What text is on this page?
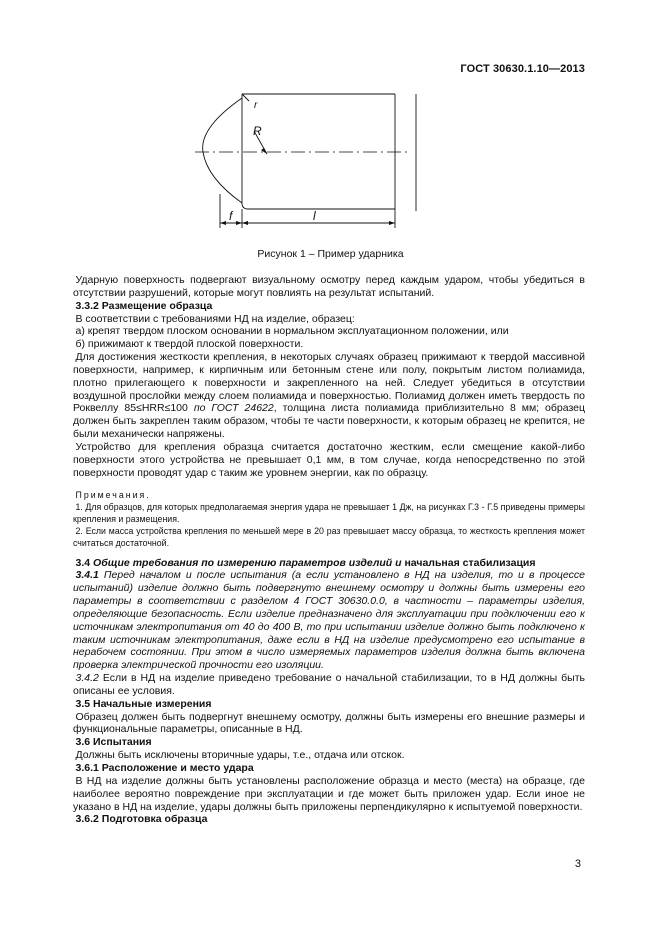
ГОСТ 30630.1.10—2013
r
R
f	l
Рисунок 1 – Пример ударника

Ударную поверхность подвергают визуальному осмотру перед каждым ударом, чтобы убедиться в отсутствии разрушений, которые могут повлиять на результат испытаний.

3.3.2 Размещение образца

В соответствии с требованиями НД на изделие, образец:

а) крепят твердом плоском основании в нормальном эксплуатационном положении, или

б) прижимают к твердой плоской поверхности.

Для достижения жесткости крепления, в некоторых случаях образец прижимают к твердой массивной поверхности, например, к кирпичным или бетонным стене или полу, покрытым листом полиамида, плотно прилегающего к поверхности и закрепленного на ней. Следует убедиться в отсутствии воздушной прослойки между слоем полиамида и поверхностью. Полиамид должен иметь твердость по Роквеллу 85≤HRR≤100 по ГОСТ 24622, толщина листа полиамида приблизительно 8 мм; образец должен быть закреплен таким образом, чтобы те части поверхности, к которым образец не крепится, не были механически напряжены.

Устройство для крепления образца считается достаточно жестким, если смещение какой-либо поверхности этого устройства не превышает 0,1 мм, в том случае, когда непосредственно по этой поверхности проводят удар с таким же уровнем энергии, как по образцу.

Примечания.

1. Для образцов, для которых предполагаемая энергия удара не превышает 1 Дж, на рисунках Г.3 - Г.5 приведены примеры крепления и размещения.

2. Если масса устройства крепления по меньшей мере в 20 раз превышает массу образца, то жесткость крепления может считаться достаточной.

3.4 Общие требования по измерению параметров изделий и начальная стабилизация

3.4.1 Перед началом и после испытания (а если установлено в НД на изделия, то и в процессе испытаний) изделие должно быть подвергнуто внешнему осмотру и должны быть измерены его параметры в соответствии с разделом 4 ГОСТ 30630.0.0, в частности – параметры изделия, определяющие безопасность. Если изделие предназначено для эксплуатации при подключении его к источникам электропитания от 40 до 400 В, то при испытании изделие должно быть подключено к таким источникам электропитания, даже если в НД на изделие предусмотрено его испытание в нерабочем состоянии. При этом в число измеряемых параметров изделия должна быть включена проверка электрической прочности его изоляции.

3.4.2 Если в НД на изделие приведено требование о начальной стабилизации, то в НД должны быть описаны ее условия.

3.5 Начальные измерения

Образец должен быть подвергнут внешнему осмотру, должны быть измерены его внешние размеры и функциональные параметры, описанные в НД.

3.6 Испытания

Должны быть исключены вторичные удары, т.е., отдача или отскок.

3.6.1 Расположение и место удара

В НД на изделие должны быть установлены расположение образца и место (места) на образце, где наиболее вероятно повреждение при эксплуатации и где может быть приложен удар. Если иное не указано в НД на изделие, удары должны быть приложены перпендикулярно к испытуемой поверхности.

3.6.2 Подготовка образца

3
